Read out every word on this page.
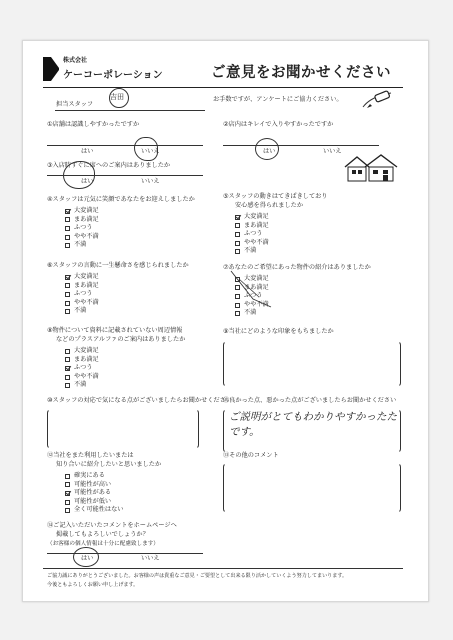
株式会社
ケーコーポレーション	ご意見をお聞かせください
担当スタッフ
吉田	お手数ですが、アンケートにご協力ください。
①店舗は認識しやすかったですか
はい	いいえ
②店内はキレイで入りやすかったですか
はい	いいえ
③入店時すぐに席へのご案内はありましたか
はい	いいえ
④スタッフは元気に笑顔であなたをお迎えしましたか
大変満足
まあ満足
ふつう
やや不満
不満
⑤スタッフの動きはてきぱきしており
安心感を得られましたか
大変満足
まあ満足
ふつう
やや不満
不満
⑥スタッフの言動に一生懸命さを感じられましたか
大変満足
まあ満足
ふつう
やや不満
不満
⑦あなたのご希望にあった物件の紹介はありましたか
大変満足
まあ満足
ふつう
やや不満
不満
⑧物件について資料に記載されていない周辺情報
などのプラスアルファのご案内はありましたか
大変満足
まあ満足
ふつう
やや不満
不満
⑨当社にどのような印象をもちましたか
⑩スタッフの対応で気になる点がございましたらお聞かせください
⑪良かった点、悪かった点がございましたらお聞かせください
ご説明がとてもわかりやすかったた
です。
⑫当社をまた利用したいまたは
知り合いに紹介したいと思いましたか
確実にある
可能性が高い
可能性がある
可能性が低い
全く可能性はない
⑬その他のコメント
⑭ご記入いただいたコメントをホームページへ
掲載してもよろしいでしょうか？
（お客様の個人情報は十分に配慮致します）
はい	いいえ
ご協力誠にありがとうございました。お客様の声は貴重なご意見・ご要望として出来る限り活かしていくよう努力してまいります。
今後ともよろしくお願い申し上げます。
